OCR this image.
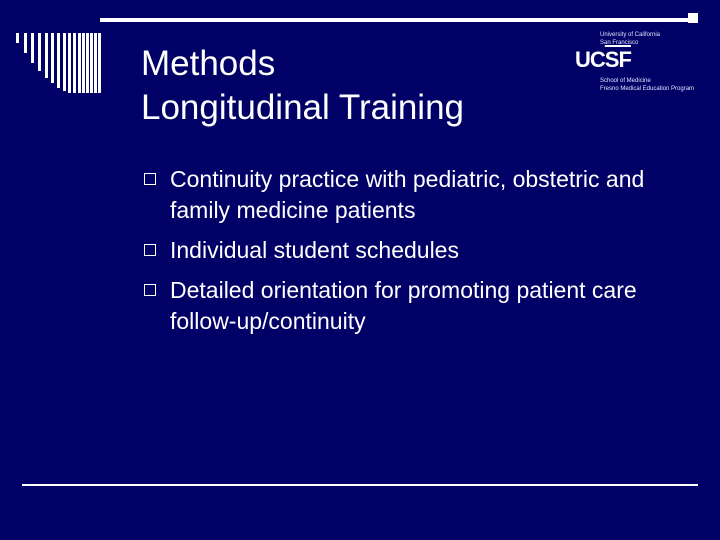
Methods
Longitudinal Training
University of California
San Francisco
$UC\overline{SF}$
School of Medicine
Fresno Medical Education Program
Continuity practice with pediatric, obstetric and family medicine patients
Individual student schedules
Detailed orientation for promoting patient care follow-up/continuity
